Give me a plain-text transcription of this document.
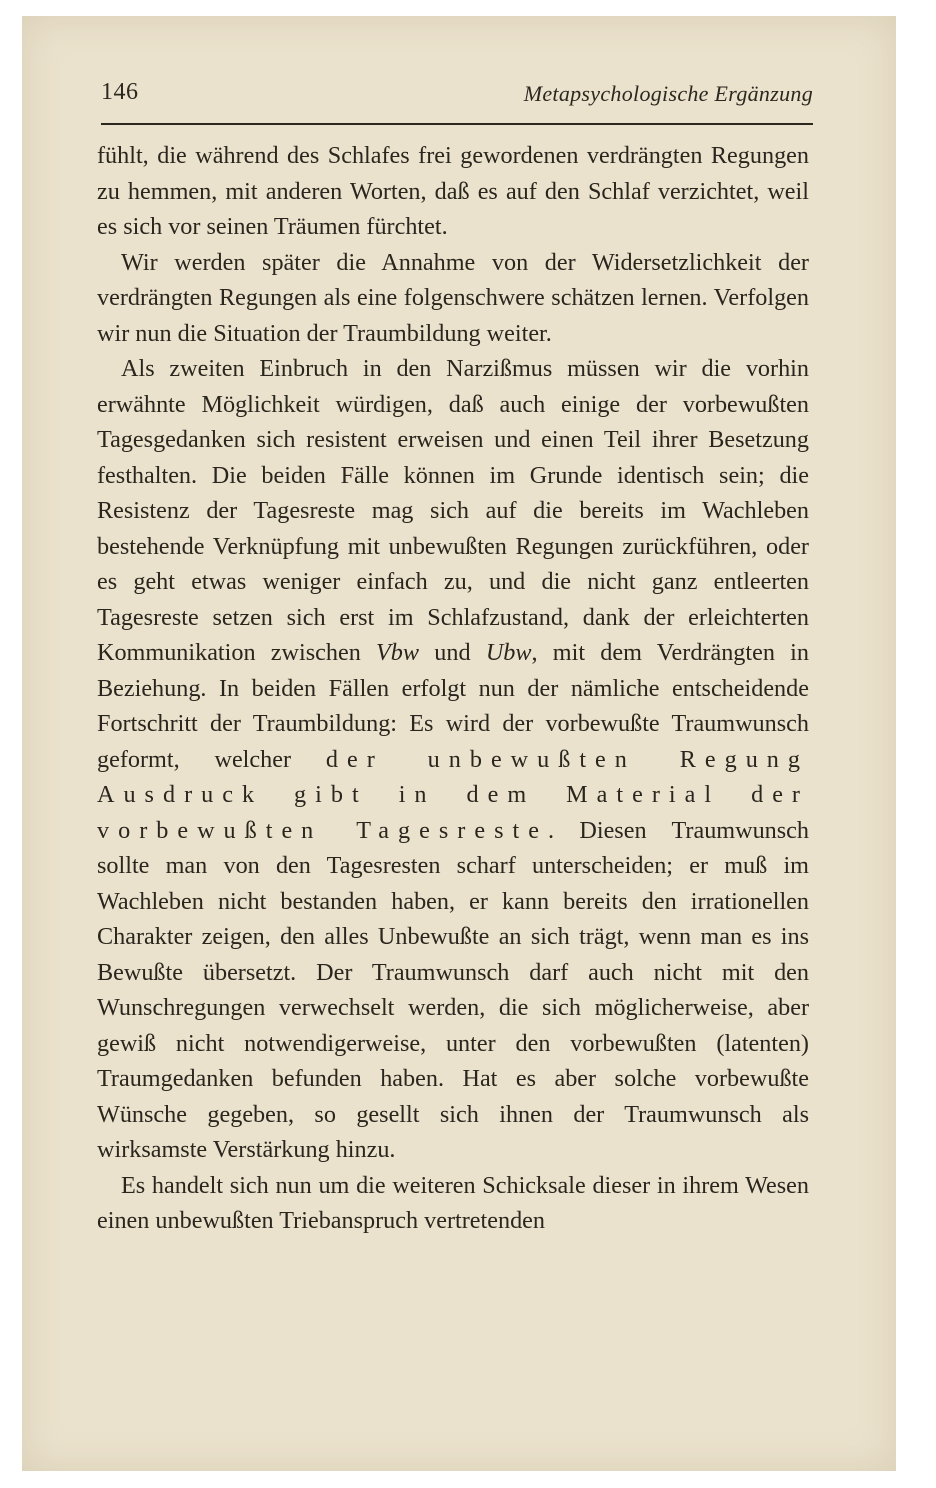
146	Metapsychologische Ergänzung

fühlt, die während des Schlafes frei gewordenen verdrängten Regungen zu hemmen, mit anderen Worten, daß es auf den Schlaf verzichtet, weil es sich vor seinen Träumen fürchtet.

Wir werden später die Annahme von der Widersetzlichkeit der verdrängten Regungen als eine folgenschwere schätzen lernen. Verfolgen wir nun die Situation der Traumbildung weiter.

Als zweiten Einbruch in den Narzißmus müssen wir die vorhin erwähnte Möglichkeit würdigen, daß auch einige der vorbewußten Tagesgedanken sich resistent erweisen und einen Teil ihrer Besetzung festhalten. Die beiden Fälle können im Grunde identisch sein; die Resistenz der Tagesreste mag sich auf die bereits im Wachleben bestehende Verknüpfung mit unbewußten Regungen zurückführen, oder es geht etwas weniger einfach zu, und die nicht ganz entleerten Tagesreste setzen sich erst im Schlafzustand, dank der erleichterten Kommunikation zwischen Vbw und Ubw, mit dem Verdrängten in Beziehung. In beiden Fällen erfolgt nun der nämliche entscheidende Fortschritt der Traumbildung: Es wird der vorbewußte Traumwunsch geformt, welcher der unbewußten Regung Ausdruck gibt in dem Material der vorbewußten Tagesreste. Diesen Traumwunsch sollte man von den Tagesresten scharf unterscheiden; er muß im Wachleben nicht bestanden haben, er kann bereits den irrationellen Charakter zeigen, den alles Unbewußte an sich trägt, wenn man es ins Bewußte übersetzt. Der Traumwunsch darf auch nicht mit den Wunschregungen verwechselt werden, die sich möglicherweise, aber gewiß nicht notwendigerweise, unter den vorbewußten (latenten) Traumgedanken befunden haben. Hat es aber solche vorbewußte Wünsche gegeben, so gesellt sich ihnen der Traumwunsch als wirksamste Verstärkung hinzu.

Es handelt sich nun um die weiteren Schicksale dieser in ihrem Wesen einen unbewußten Triebanspruch vertretenden
